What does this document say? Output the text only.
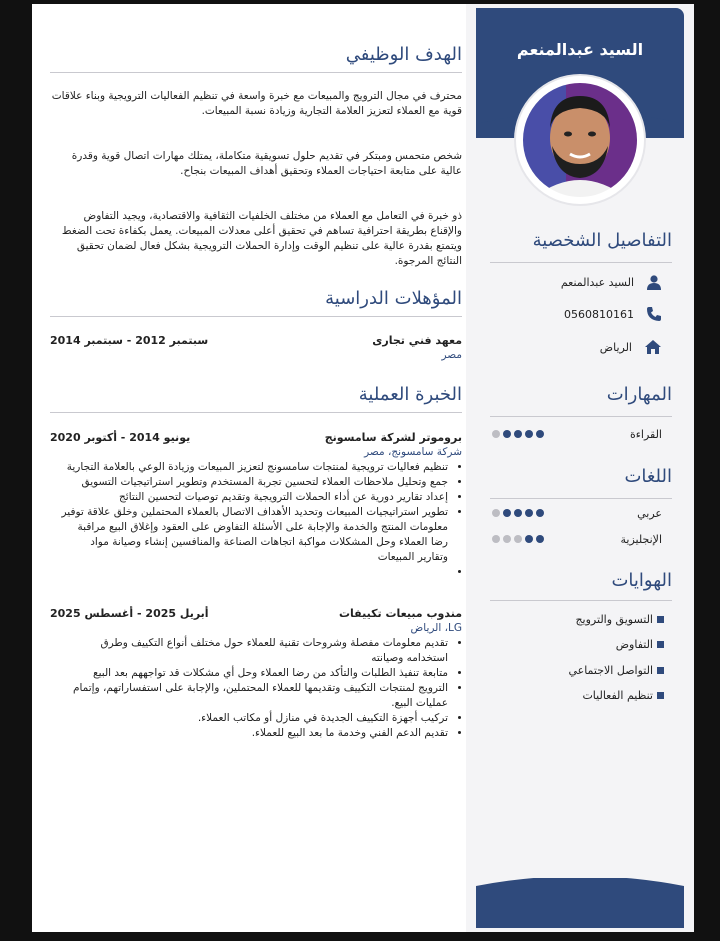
السيد عبدالمنعم
التفاصيل الشخصية
السيد عبدالمنعم
0560810161
الرياض
المهارات
القراءة
اللغات
عربي
الإنجليزية
الهوايات
التسويق والترويج
التفاوض
التواصل الاجتماعي
تنظيم الفعاليات
الهدف الوظيفي
محترف في مجال الترويج والمبيعات مع خبرة واسعة في تنظيم الفعاليات الترويجية وبناء علاقات قوية مع العملاء لتعزيز العلامة التجارية وزيادة نسبة المبيعات.
شخص متحمس ومبتكر في تقديم حلول تسويقية متكاملة، يمتلك مهارات اتصال قوية وقدرة عالية على متابعة احتياجات العملاء وتحقيق أهداف المبيعات بنجاح.
ذو خبرة في التعامل مع العملاء من مختلف الخلفيات الثقافية والاقتصادية، ويجيد التفاوض والإقناع بطريقة احترافية تساهم في تحقيق أعلى معدلات المبيعات. يعمل بكفاءة تحت الضغط ويتمتع بقدرة عالية على تنظيم الوقت وإدارة الحملات الترويجية بشكل فعال لضمان تحقيق النتائج المرجوة.
المؤهلات الدراسية
معهد فني تجارى
سبتمبر 2012 - سبتمبر 2014
مصر
الخبرة العملية
بروموتر لشركة سامسونج
يونيو 2014 - أكتوبر 2020
شركة سامسونج، مصر
• تنظيم فعاليات ترويجية لمنتجات سامسونج لتعزيز المبيعات وزيادة الوعي بالعلامة التجارية
• جمع وتحليل ملاحظات العملاء لتحسين تجربة المستخدم وتطوير استراتيجيات التسويق
• إعداد تقارير دورية عن أداء الحملات الترويجية وتقديم توصيات لتحسين النتائج
• تطوير استراتيجيات المبيعات وتحديد الأهداف الاتصال بالعملاء المحتملين وخلق علاقة توفير معلومات المنتج والخدمة والإجابة على الأسئلة التفاوض على العقود وإغلاق البيع مراقبة رضا العملاء وحل المشكلات مواكبة اتجاهات الصناعة والمنافسين إنشاء وصيانة مواد وتقارير المبيعات
•
مندوب مبيعات تكييفات
أبريل 2025 - أغسطس 2025
LG، الرياض
• تقديم معلومات مفصلة وشروحات تقنية للعملاء حول مختلف أنواع التكييف وطرق استخدامه وصيانته
• متابعة تنفيذ الطلبات والتأكد من رضا العملاء وحل أي مشكلات قد تواجههم بعد البيع
• الترويج لمنتجات التكييف وتقديمها للعملاء المحتملين، والإجابة على استفساراتهم، وإتمام عمليات البيع.
• تركيب أجهزة التكييف الجديدة في منازل أو مكاتب العملاء.
• تقديم الدعم الفني وخدمة ما بعد البيع للعملاء.
